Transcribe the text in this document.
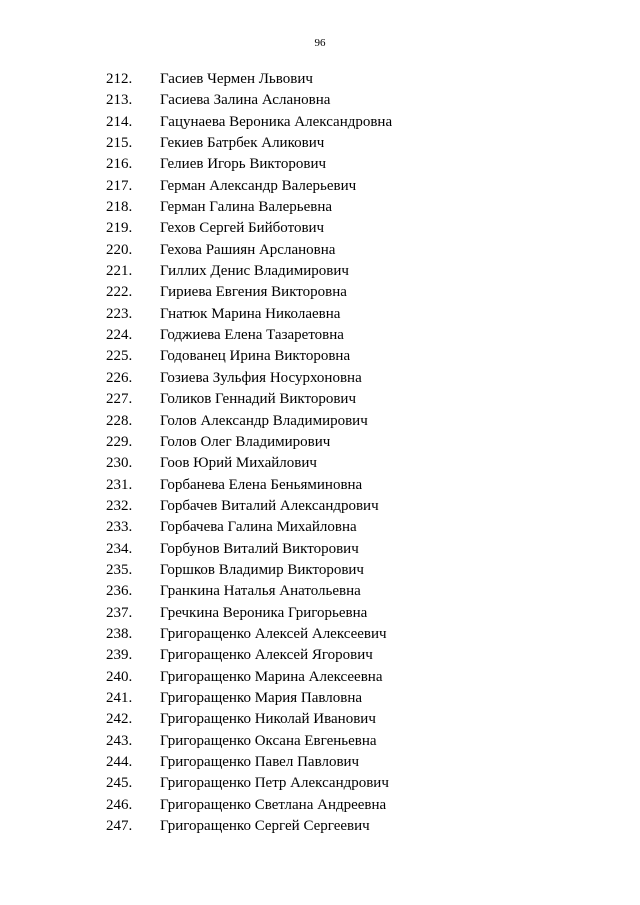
96
212. Гасиев Чермен Львович
213. Гасиева Залина Аслановна
214. Гацунаева Вероника Александровна
215. Гекиев Батрбек Аликович
216. Гелиев Игорь Викторович
217. Герман Александр Валерьевич
218. Герман Галина Валерьевна
219. Гехов Сергей Бийботович
220. Гехова Рашиян Арслановна
221. Гиллих Денис Владимирович
222. Гириева Евгения Викторовна
223. Гнатюк Марина Николаевна
224. Годжиева Елена Тазаретовна
225. Годованец Ирина Викторовна
226. Гозиева Зульфия Носурхоновна
227. Голиков Геннадий Викторович
228. Голов Александр Владимирович
229. Голов Олег Владимирович
230. Гоов Юрий Михайлович
231. Горбанева Елена Беньяминовна
232. Горбачев Виталий Александрович
233. Горбачева Галина Михайловна
234. Горбунов Виталий Викторович
235. Горшков Владимир Викторович
236. Гранкина Наталья Анатольевна
237. Гречкина Вероника Григорьевна
238. Григоращенко Алексей Алексеевич
239. Григоращенко Алексей Ягорович
240. Григоращенко Марина Алексеевна
241. Григоращенко Мария Павловна
242. Григоращенко Николай Иванович
243. Григоращенко Оксана Евгеньевна
244. Григоращенко Павел Павлович
245. Григоращенко Петр Александрович
246. Григоращенко Светлана Андреевна
247. Григоращенко Сергей Сергеевич
